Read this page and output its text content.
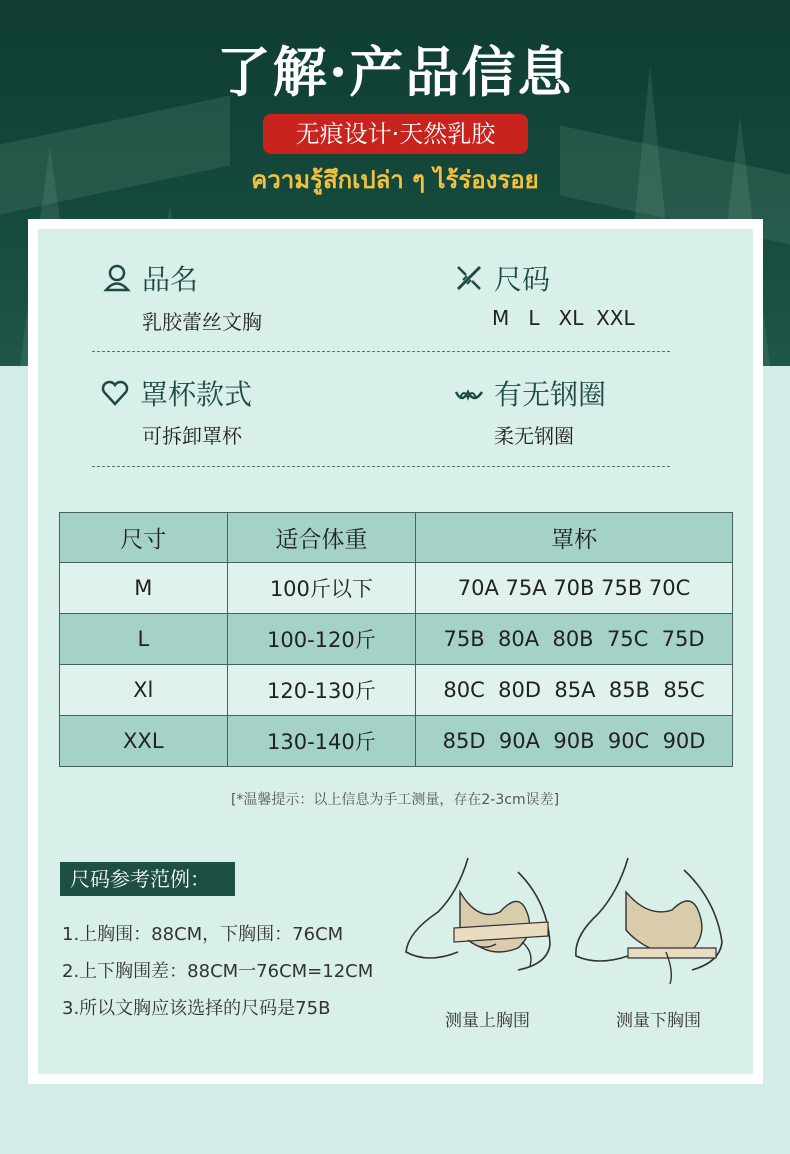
了解·产品信息
无痕设计·天然乳胶
ความรู้สึกเปล่า ๆ ไร้ร่องรอย
品名
乳胶蕾丝文胸
尺码
M   L   XL  XXL
罩杯款式
可拆卸罩杯
有无钢圈
柔无钢圈
尺寸	适合体重	罩杯
M	100斤以下	70A 75A 70B 75B 70C
L	100-120斤	75B  80A  80B  75C  75D
Xl	120-130斤	80C  80D  85A  85B  85C
XXL	130-140斤	85D  90A  90B  90C  90D
[*温馨提示：以上信息为手工测量，存在2-3cm误差]
尺码参考范例：
1.上胸围：88CM，下胸围：76CM
2.上下胸围差：88CM一76CM=12CM
3.所以文胸应该选择的尺码是75B
测量上胸围	测量下胸围
